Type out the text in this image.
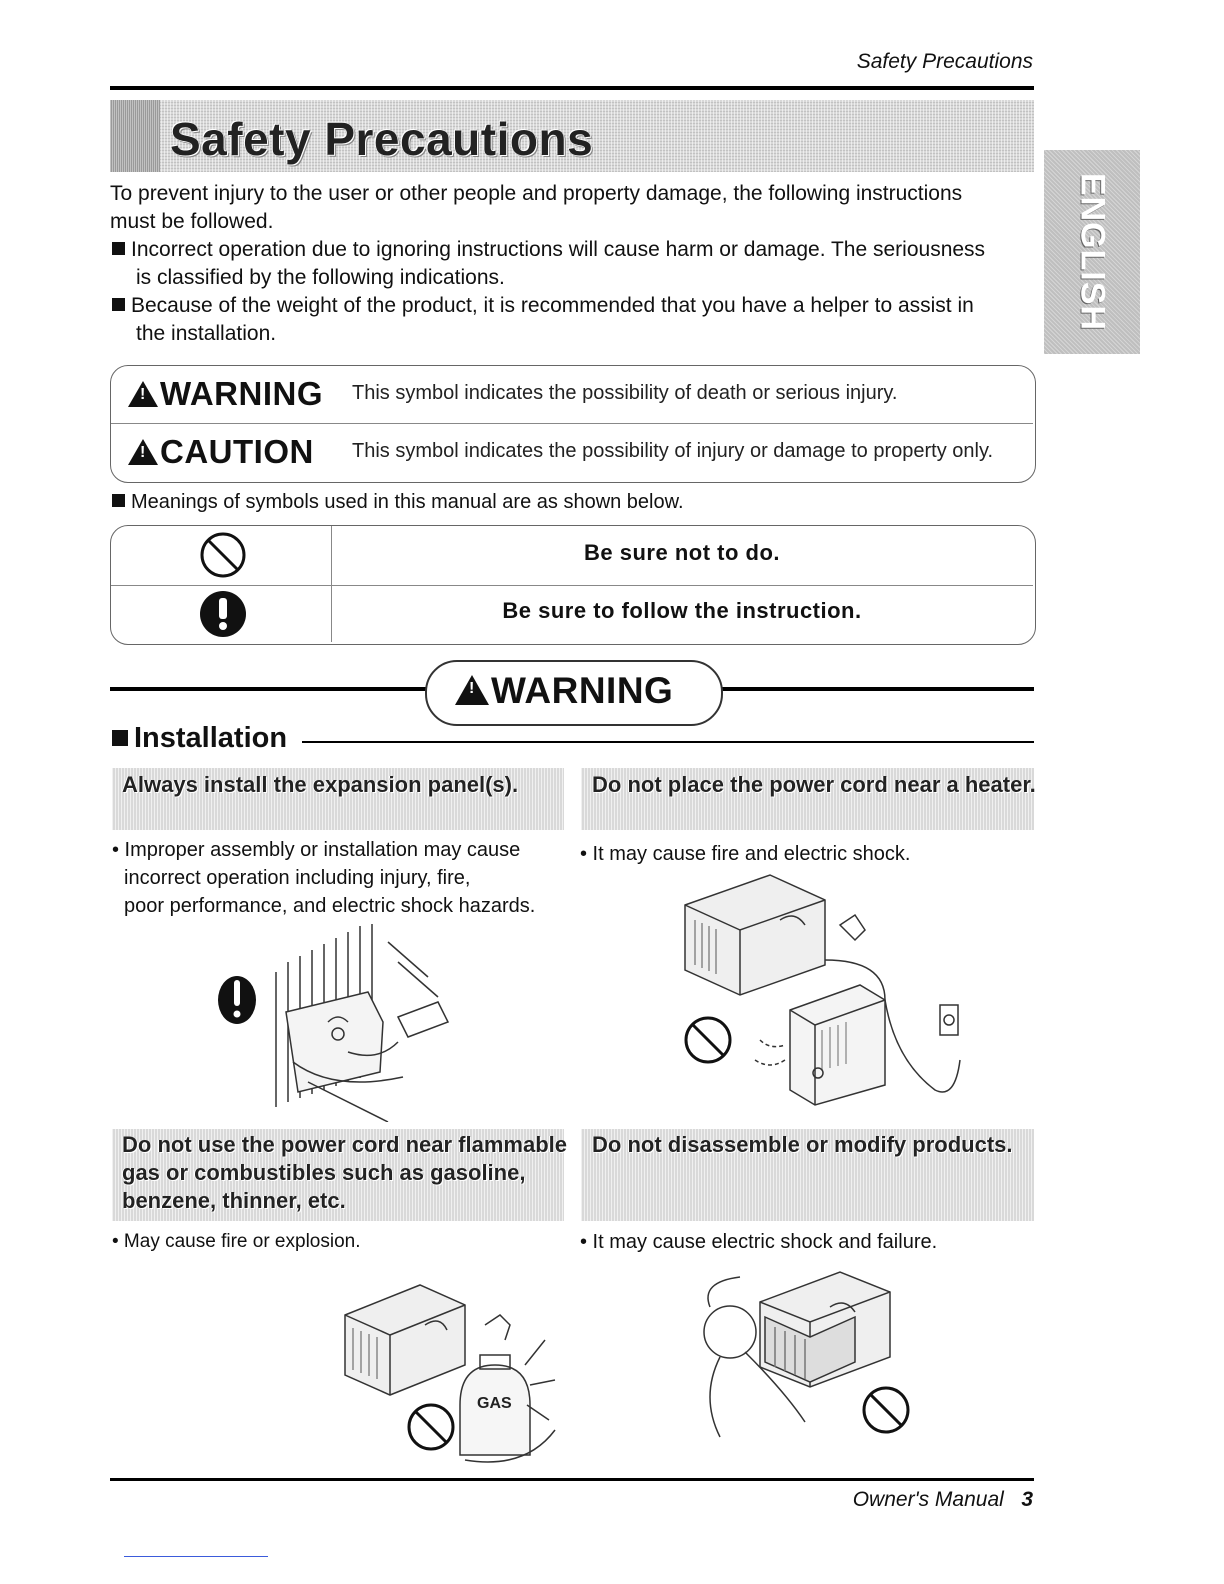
Safety Precautions
Safety Precautions
ENGLISH
To prevent injury to the user or other people and property damage, the following instructions
must be followed.
Incorrect operation due to ignoring instructions will cause harm or damage. The seriousness
is classified by the following indications.
Because of the weight of the product, it is recommended that you have a helper to assist in
the installation.
!WARNING This symbol indicates the possibility of death or serious injury.
!CAUTION This symbol indicates the possibility of injury or damage to property only.
Meanings of symbols used in this manual are as shown below.
Be sure not to do.
Be sure to follow the instruction.
!WARNING
Installation
Always install the expansion panel(s).
• Improper assembly or installation may cause
incorrect operation including injury, fire,
poor performance, and electric shock hazards.
Do not place the power cord near a heater.
• It may cause fire and electric shock.
Do not use the power cord near flammable
gas or combustibles such as gasoline,
benzene, thinner, etc.
• May cause fire or explosion.
GAS
Do not disassemble or modify products.
• It may cause electric shock and failure.
Owner's Manual 3
